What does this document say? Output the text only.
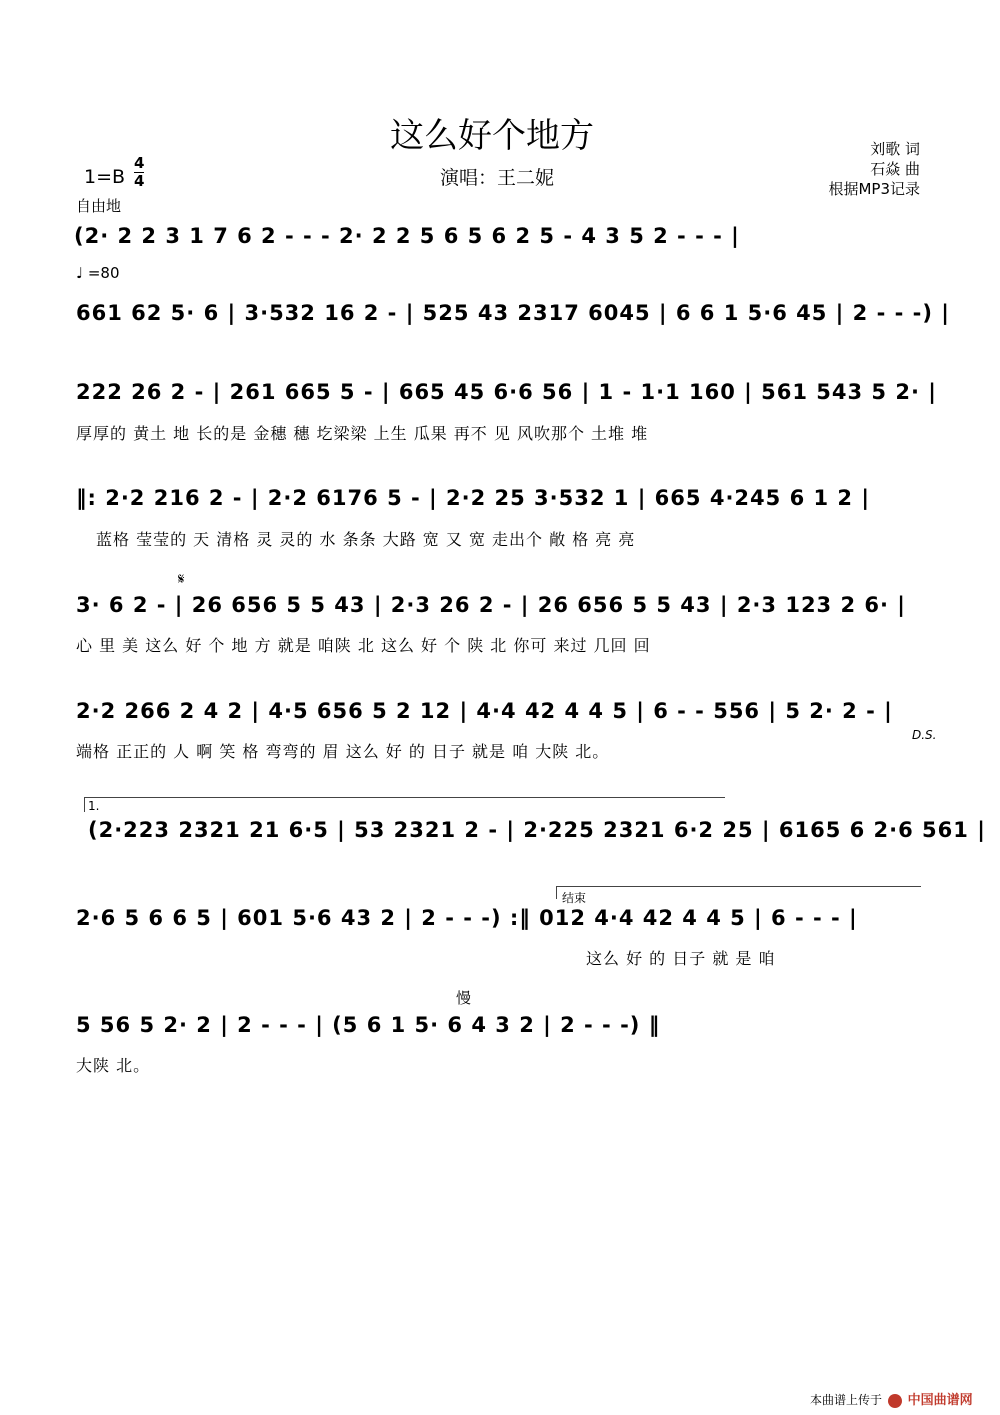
这么好个地方
演唱：王二妮
刘歌 词
石焱 曲
根据MP3记录
1=B
4
4
自由地
(2· 2 2 3 1 7 6 2 - - - 2· 2 2 5 6 5 6 2 5 - 4 3 5 2 - - - |
♩ =80
661 62 5· 6 | 3·532 16 2 - | 525 43 2317 6045 | 6 6 1 5·6 45 | 2 - - -) |
222 26 2 - | 261 665 5 - | 665 45 6·6 56 | 1 - 1·1 160 | 561 543 5 2· |
厚厚的 黄土 地 长的是 金穗 穗 圪梁梁 上生 瓜果 再不 见 风吹那个 土堆 堆
‖: 2·2 216 2 - | 2·2 6176 5 - | 2·2 25 3·532 1 | 665 4·245 6 1 2 |
蓝格 莹莹的 天 清格 灵 灵的 水 条条 大路 宽 又 宽 走出个 敞 格 亮 亮
𝄋
3· 6 2 - | 26 656 5 5 43 | 2·3 26 2 - | 26 656 5 5 43 | 2·3 123 2 6· |
心 里 美 这么 好 个 地 方 就是 咱陕 北 这么 好 个 陕 北 你可 来过 几回 回
2·2 266 2 4 2 | 4·5 656 5 2 12 | 4·4 42 4 4 5 | 6 - - 556 | 5 2· 2 - |
端格 正正的 人 啊 笑 格 弯弯的 眉 这么 好 的 日子 就是 咱 大陕 北。
D.S.
1.
(2·223 2321 21 6·5 | 53 2321 2 - | 2·225 2321 6·2 25 | 6165 6 2·6 561 |
结束
2·6 5 6 6 5 | 601 5·6 43 2 | 2 - - -) :‖ 012 4·4 42 4 4 5 | 6 - - - |
这么 好 的 日子 就 是 咱
慢
5 56 5 2· 2 | 2 - - - | (5 6 1 5· 6 4 3 2 | 2 - - -) ‖
大陕 北。
本曲谱上传于 中国曲谱网
